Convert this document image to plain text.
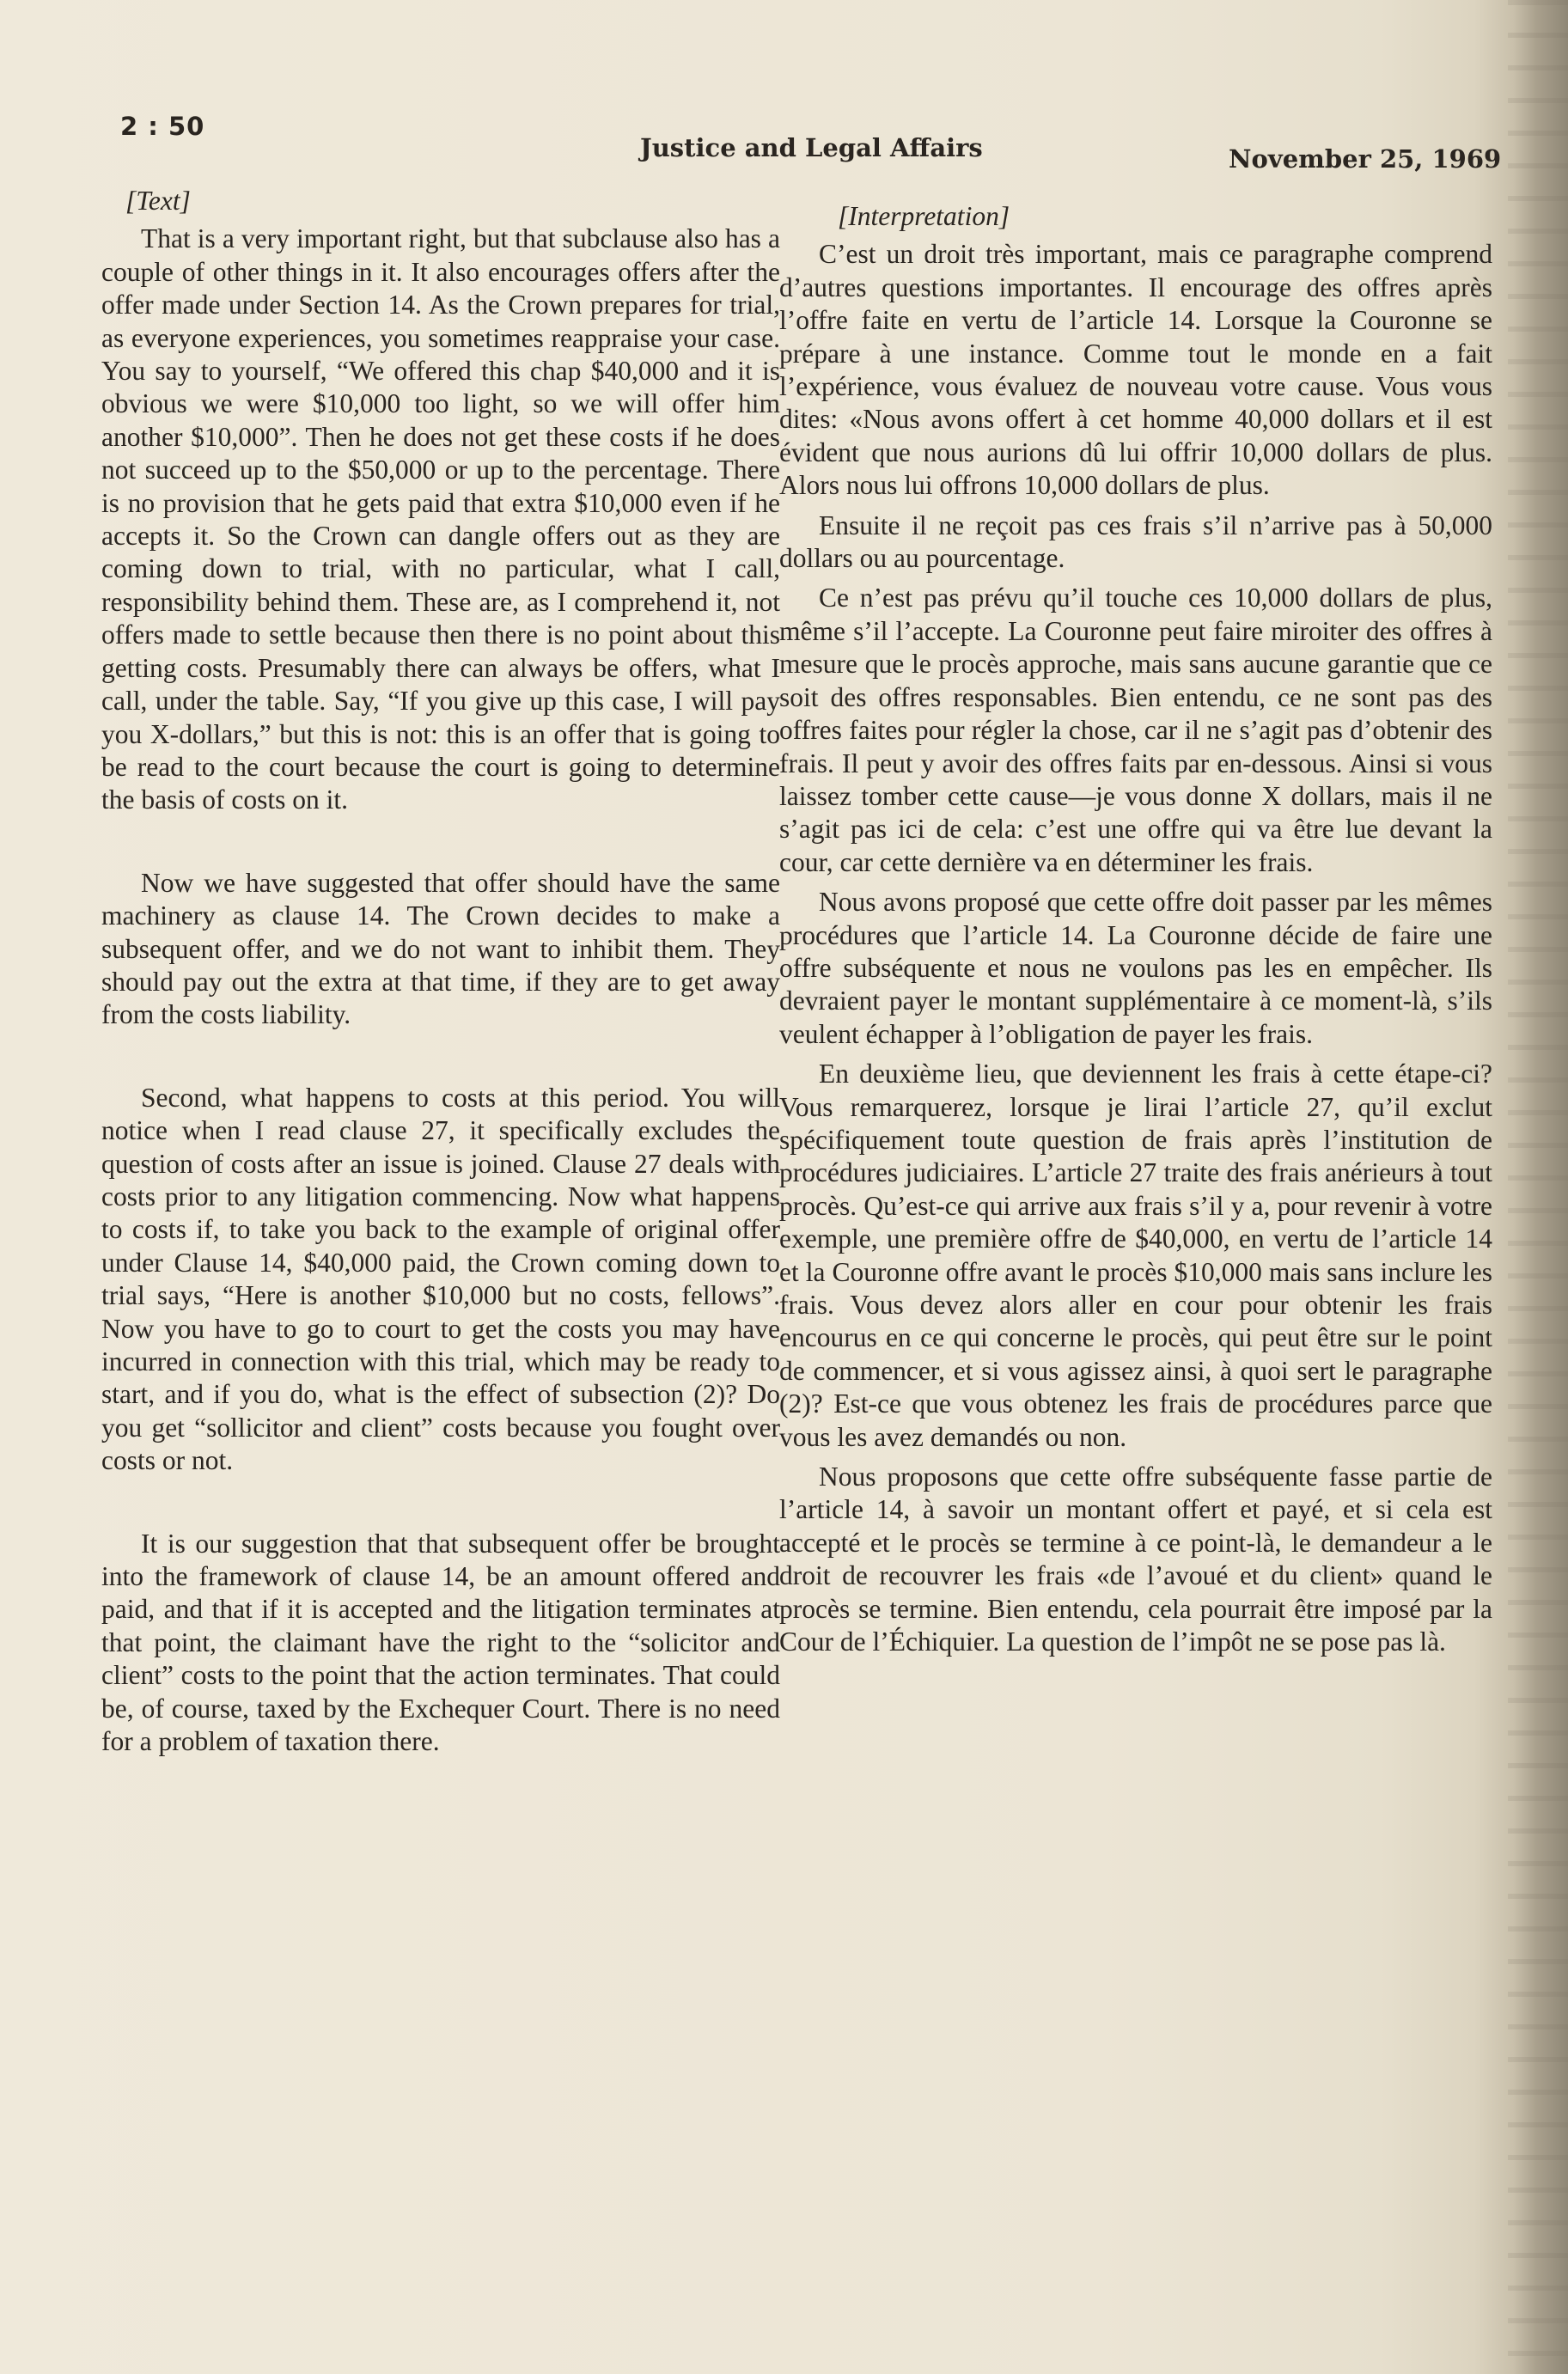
2 : 50
Justice and Legal Affairs	November 25, 1969
[Text]

That is a very important right, but that subclause also has a couple of other things in it. It also encourages offers after the offer made under Section 14. As the Crown prepares for trial, as everyone experiences, you sometimes reappraise your case. You say to yourself, “We offered this chap $40,000 and it is obvious we were $10,000 too light, so we will offer him another $10,000”. Then he does not get these costs if he does not succeed up to the $50,000 or up to the percentage. There is no provision that he gets paid that extra $10,000 even if he accepts it. So the Crown can dangle offers out as they are coming down to trial, with no particular, what I call, responsibility behind them. These are, as I comprehend it, not offers made to settle because then there is no point about this getting costs. Presumably there can always be offers, what I call, under the table. Say, “If you give up this case, I will pay you X-dollars,” but this is not: this is an offer that is going to be read to the court because the court is going to determine the basis of costs on it.

Now we have suggested that offer should have the same machinery as clause 14. The Crown decides to make a subsequent offer, and we do not want to inhibit them. They should pay out the extra at that time, if they are to get away from the costs liability.

Second, what happens to costs at this period. You will notice when I read clause 27, it specifically excludes the question of costs after an issue is joined. Clause 27 deals with costs prior to any litigation commencing. Now what happens to costs if, to take you back to the example of original offer under Clause 14, $40,000 paid, the Crown coming down to trial says, “Here is another $10,000 but no costs, fellows”. Now you have to go to court to get the costs you may have incurred in connection with this trial, which may be ready to start, and if you do, what is the effect of subsection (2)? Do you get “sollicitor and client” costs because you fought over costs or not.

It is our suggestion that that subsequent offer be brought into the framework of clause 14, be an amount offered and paid, and that if it is accepted and the litigation terminates at that point, the claimant have the right to the “solicitor and client” costs to the point that the action terminates. That could be, of course, taxed by the Exchequer Court. There is no need for a problem of taxation there.

[Interpretation]

C’est un droit très important, mais ce paragraphe comprend d’autres questions importantes. Il encourage des offres après l’offre faite en vertu de l’article 14. Lorsque la Couronne se prépare à une instance. Comme tout le monde en a fait l’expérience, vous évaluez de nouveau votre cause. Vous vous dites: «Nous avons offert à cet homme 40,000 dollars et il est évident que nous aurions dû lui offrir 10,000 dollars de plus. Alors nous lui offrons 10,000 dollars de plus.

Ensuite il ne reçoit pas ces frais s’il n’arrive pas à 50,000 dollars ou au pourcentage.

Ce n’est pas prévu qu’il touche ces 10,000 dollars de plus, même s’il l’accepte. La Couronne peut faire miroiter des offres à mesure que le procès approche, mais sans aucune garantie que ce soit des offres responsables. Bien entendu, ce ne sont pas des offres faites pour régler la chose, car il ne s’agit pas d’obtenir des frais. Il peut y avoir des offres faits par en-dessous. Ainsi si vous laissez tomber cette cause—je vous donne X dollars, mais il ne s’agit pas ici de cela: c’est une offre qui va être lue devant la cour, car cette dernière va en déterminer les frais.

Nous avons proposé que cette offre doit passer par les mêmes procédures que l’article 14. La Couronne décide de faire une offre subséquente et nous ne voulons pas les en empêcher. Ils devraient payer le montant supplémentaire à ce moment-là, s’ils veulent échapper à l’obligation de payer les frais.

En deuxième lieu, que deviennent les frais à cette étape-ci? Vous remarquerez, lorsque je lirai l’article 27, qu’il exclut spécifiquement toute question de frais après l’institution de procédures judiciaires. L’article 27 traite des frais anérieurs à tout procès. Qu’est-ce qui arrive aux frais s’il y a, pour revenir à votre exemple, une première offre de $40,000, en vertu de l’article 14 et la Couronne offre avant le procès $10,000 mais sans inclure les frais. Vous devez alors aller en cour pour obtenir les frais encourus en ce qui concerne le procès, qui peut être sur le point de commencer, et si vous agissez ainsi, à quoi sert le paragraphe (2)? Est-ce que vous obtenez les frais de procédures parce que vous les avez demandés ou non.

Nous proposons que cette offre subséquente fasse partie de l’article 14, à savoir un montant offert et payé, et si cela est accepté et le procès se termine à ce point-là, le demandeur a le droit de recouvrer les frais «de l’avoué et du client» quand le procès se termine. Bien entendu, cela pourrait être imposé par la Cour de l’Échiquier. La question de l’impôt ne se pose pas là.
